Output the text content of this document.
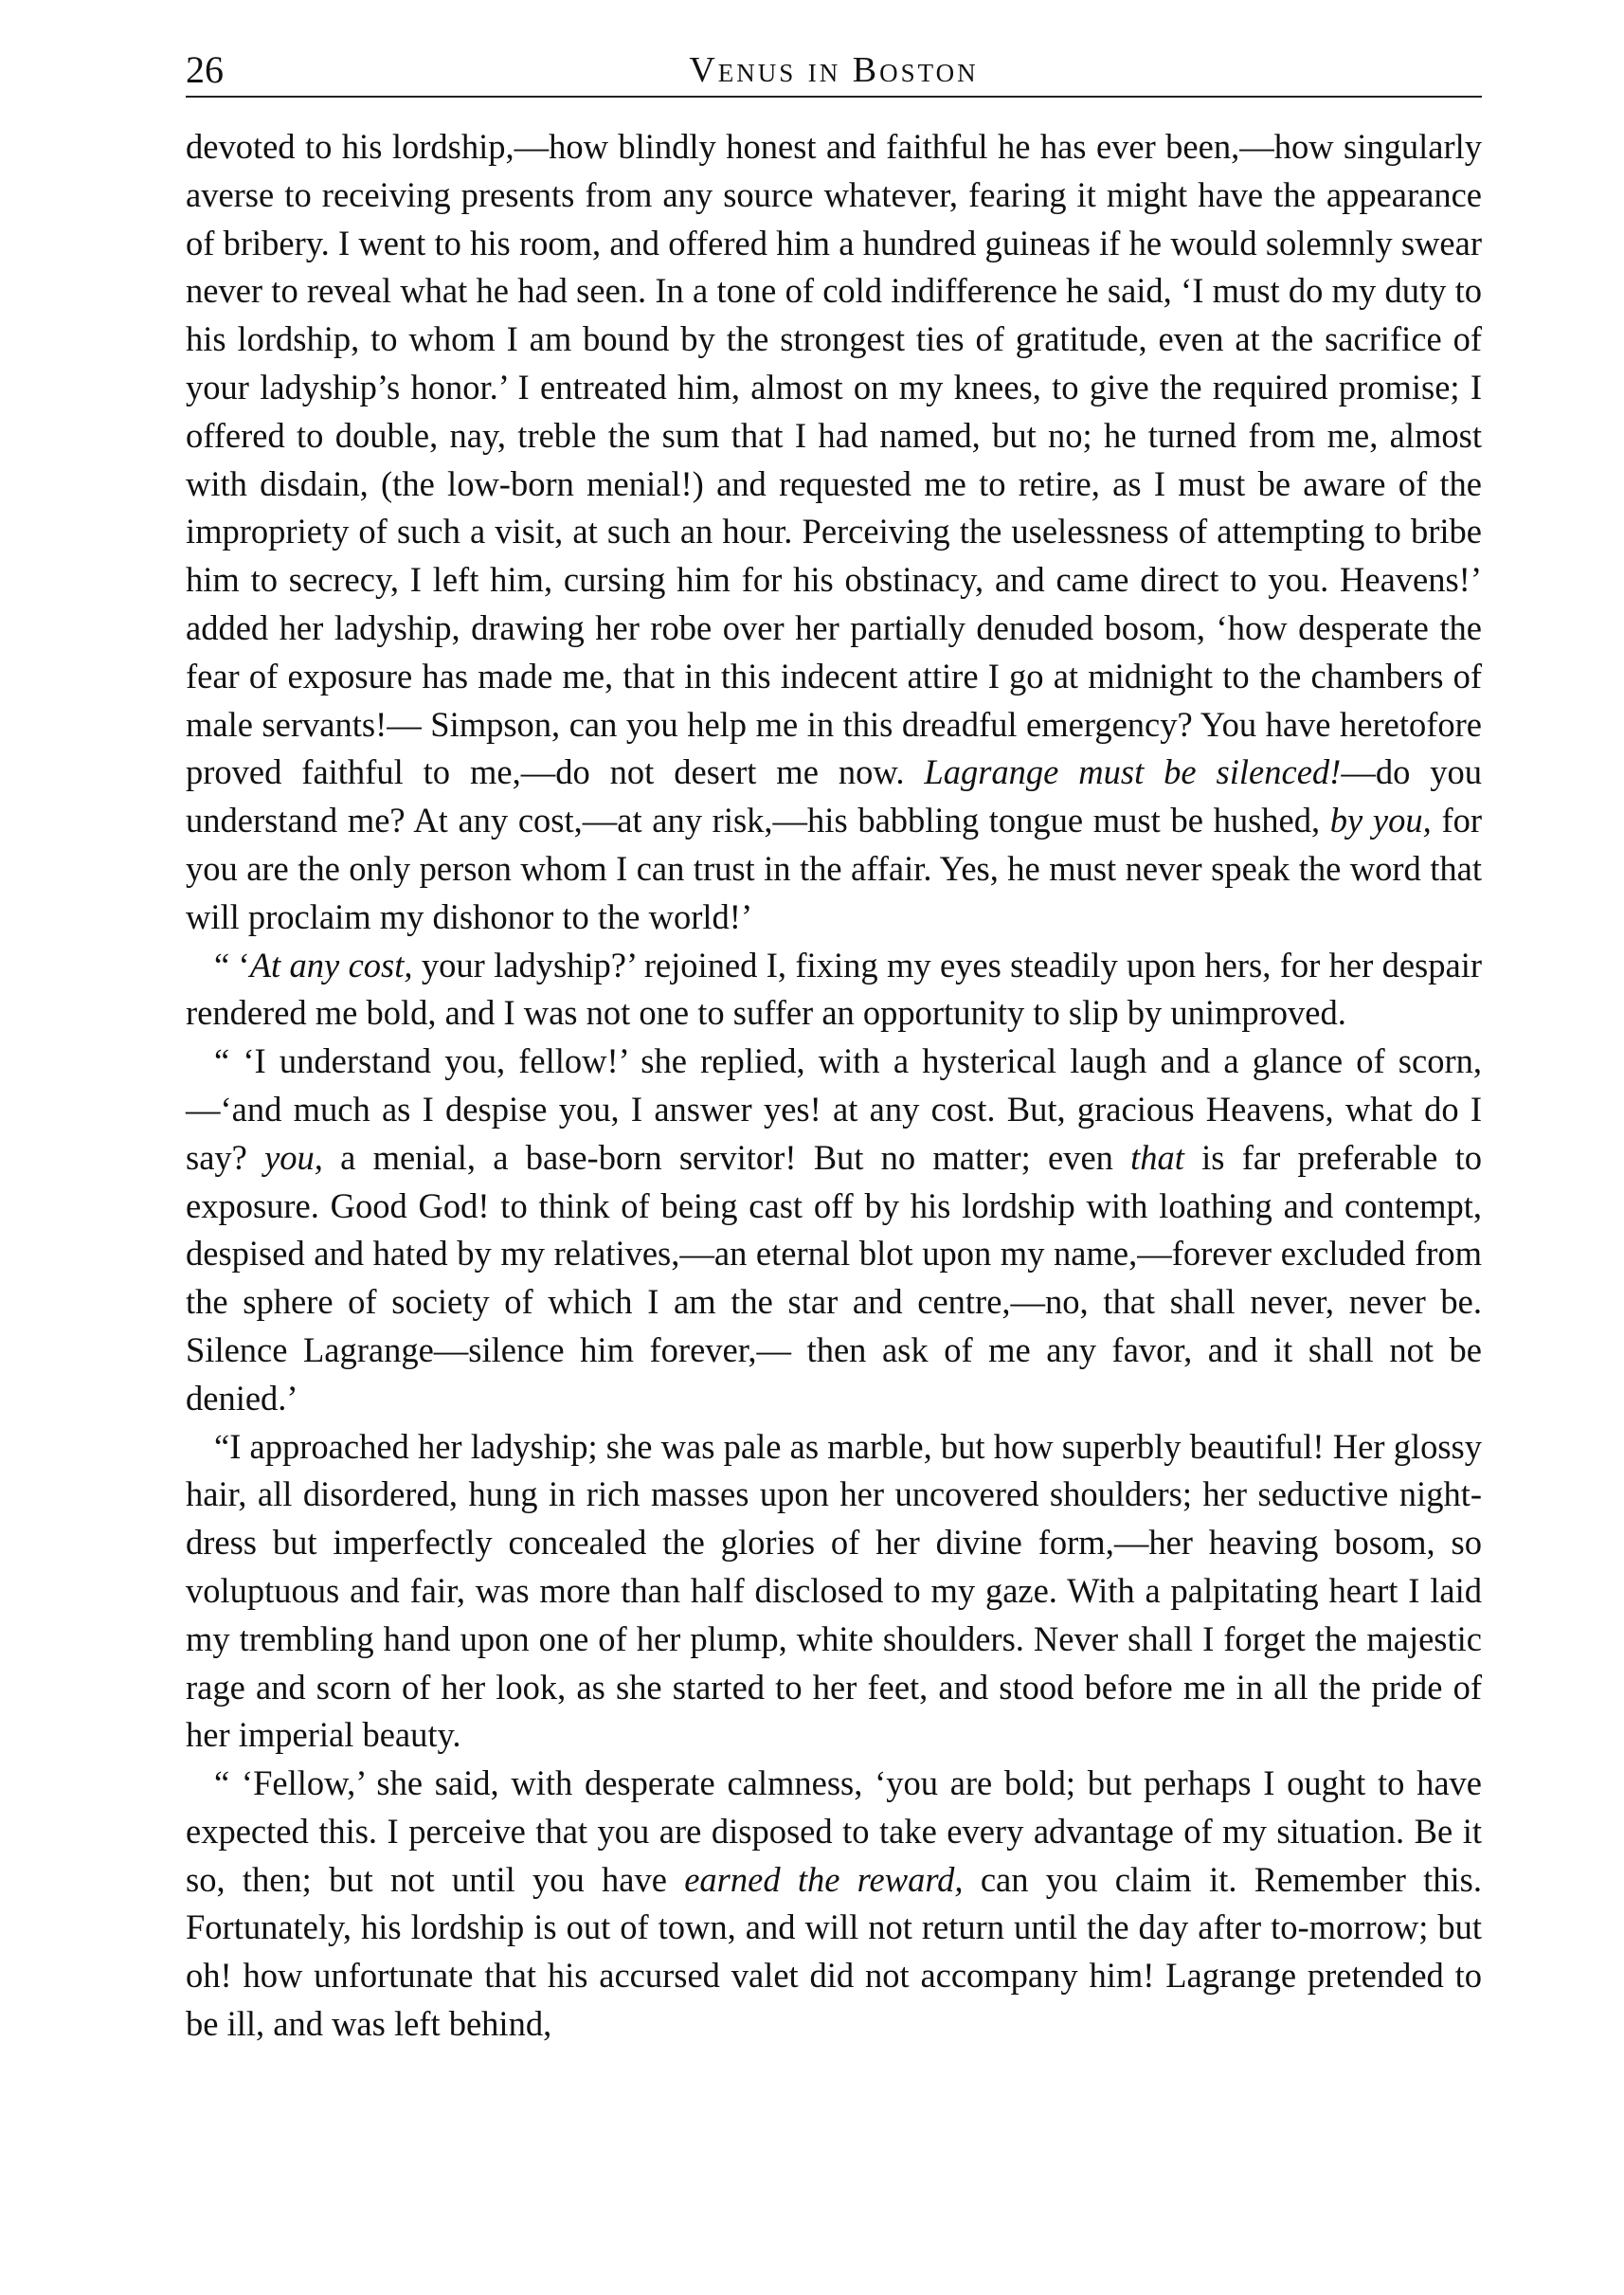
26	Venus in Boston

devoted to his lordship,—how blindly honest and faithful he has ever been,—how singularly averse to receiving presents from any source whatever, fearing it might have the appearance of bribery. I went to his room, and offered him a hundred guineas if he would solemnly swear never to reveal what he had seen. In a tone of cold indifference he said, ‘I must do my duty to his lordship, to whom I am bound by the strongest ties of gratitude, even at the sacrifice of your ladyship’s honor.’ I entreated him, almost on my knees, to give the required promise; I offered to double, nay, treble the sum that I had named, but no; he turned from me, almost with disdain, (the low-born menial!) and requested me to retire, as I must be aware of the impropriety of such a visit, at such an hour. Perceiving the uselessness of attempting to bribe him to secrecy, I left him, cursing him for his obstinacy, and came direct to you. Heavens!’ added her ladyship, drawing her robe over her partially denuded bosom, ‘how desperate the fear of exposure has made me, that in this indecent attire I go at midnight to the chambers of male servants!— Simpson, can you help me in this dreadful emergency? You have heretofore proved faithful to me,—do not desert me now. Lagrange must be silenced!—do you understand me? At any cost,—at any risk,—his babbling tongue must be hushed, by you, for you are the only person whom I can trust in the affair. Yes, he must never speak the word that will proclaim my dishonor to the world!’

“ ‘At any cost, your ladyship?’ rejoined I, fixing my eyes steadily upon hers, for her despair rendered me bold, and I was not one to suffer an opportunity to slip by unimproved.

“ ‘I understand you, fellow!’ she replied, with a hysterical laugh and a glance of scorn,—‘and much as I despise you, I answer yes! at any cost. But, gracious Heavens, what do I say? you, a menial, a base-born servitor! But no matter; even that is far preferable to exposure. Good God! to think of being cast off by his lordship with loathing and contempt, despised and hated by my relatives,—an eternal blot upon my name,—forever excluded from the sphere of society of which I am the star and centre,—no, that shall never, never be. Silence Lagrange—silence him forever,— then ask of me any favor, and it shall not be denied.’

“I approached her ladyship; she was pale as marble, but how superbly beautiful! Her glossy hair, all disordered, hung in rich masses upon her uncovered shoulders; her seductive night-dress but imperfectly concealed the glories of her divine form,—her heaving bosom, so voluptuous and fair, was more than half disclosed to my gaze. With a palpitating heart I laid my trembling hand upon one of her plump, white shoulders. Never shall I forget the majestic rage and scorn of her look, as she started to her feet, and stood before me in all the pride of her imperial beauty.

“ ‘Fellow,’ she said, with desperate calmness, ‘you are bold; but perhaps I ought to have expected this. I perceive that you are disposed to take every advantage of my situation. Be it so, then; but not until you have earned the reward, can you claim it. Remember this. Fortunately, his lordship is out of town, and will not return until the day after to-morrow; but oh! how unfortunate that his accursed valet did not accompany him! Lagrange pretended to be ill, and was left behind,
